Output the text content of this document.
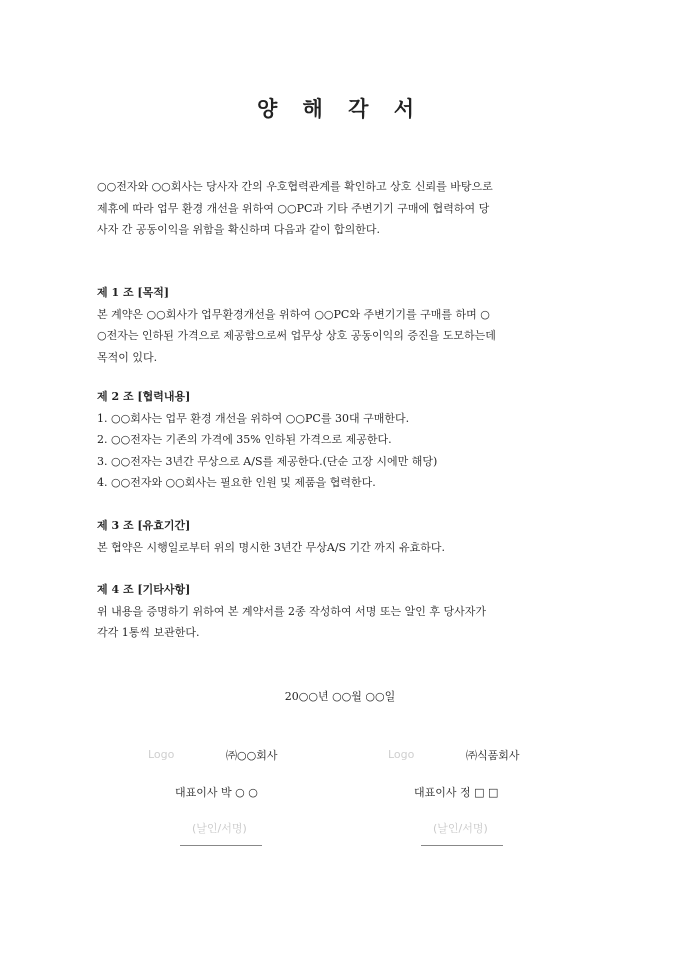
양 해 각 서
○○전자와 ○○회사는 당사자 간의 우호협력관계를 확인하고 상호 신뢰를 바탕으로
제휴에 따라 업무 환경 개선을 위하여 ○○PC과 기타 주변기기 구매에 협력하여 당
사자 간 공동이익을 위함을 확신하며 다음과 같이 합의한다.
제 1 조 [목적]
본 계약은 ○○회사가 업무환경개선을 위하여 ○○PC와 주변기기를 구매를 하며 ○
○전자는 인하된 가격으로 제공함으로써 업무상 상호 공동이익의 증진을 도모하는데
목적이 있다.
제 2 조 [협력내용]
1. ○○회사는 업무 환경 개선을 위하여 ○○PC를 30대 구매한다.
2. ○○전자는 기존의 가격에 35% 인하된 가격으로 제공한다.
3. ○○전자는 3년간 무상으로 A/S를 제공한다.(단순 고장 시에만 해당)
4. ○○전자와 ○○회사는 필요한 인원 및 제품을 협력한다.
제 3 조 [유효기간]
본 협약은 시행일로부터 위의 명시한 3년간 무상A/S 기간 까지 유효하다.
제 4 조 [기타사항]
위 내용을 증명하기 위하여 본 계약서를 2종 작성하여 서명 또는 알인 후 당사자가
각각 1통씩 보관한다.
20○○년 ○○월 ○○일
Logo	㈜○○회사
대표이사 박 ○ ○
(날인/서명)
Logo	㈜식품회사
대표이사 정 □ □
(날인/서명)
